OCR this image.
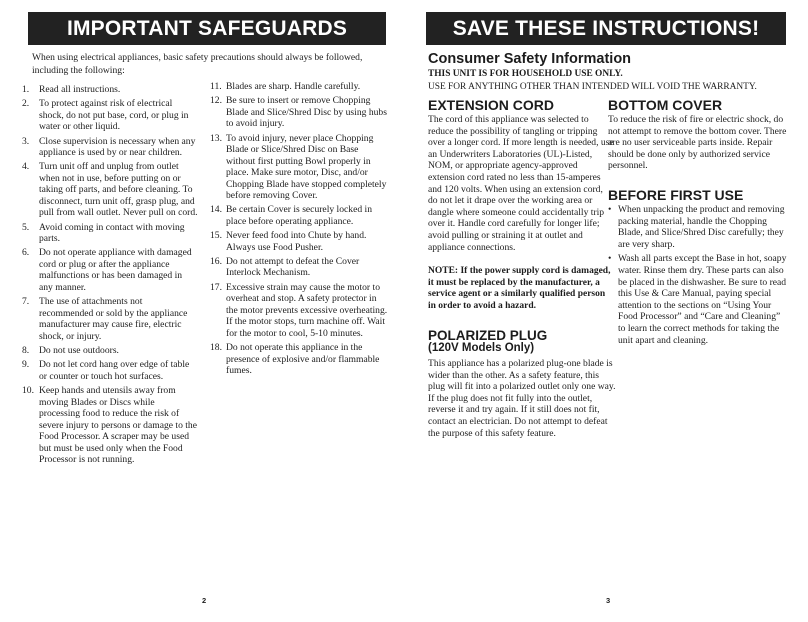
IMPORTANT SAFEGUARDS
When using electrical appliances, basic safety precautions should always be followed, including the following:
1. Read all instructions.
2. To protect against risk of electrical shock, do not put base, cord, or plug in water or other liquid.
3. Close supervision is necessary when any appliance is used by or near children.
4. Turn unit off and unplug from outlet when not in use, before putting on or taking off parts, and before cleaning. To disconnect, turn unit off, grasp plug, and pull from wall outlet. Never pull on cord.
5. Avoid coming in contact with moving parts.
6. Do not operate appliance with damaged cord or plug or after the appliance malfunctions or has been damaged in any manner.
7. The use of attachments not recommended or sold by the appliance manufacturer may cause fire, electric shock, or injury.
8. Do not use outdoors.
9. Do not let cord hang over edge of table or counter or touch hot surfaces.
10. Keep hands and utensils away from moving Blades or Discs while processing food to reduce the risk of severe injury to persons or damage to the Food Processor. A scraper may be used but must be used only when the Food Processor is not running.
11. Blades are sharp. Handle carefully.
12. Be sure to insert or remove Chopping Blade and Slice/Shred Disc by using hubs to avoid injury.
13. To avoid injury, never place Chopping Blade or Slice/Shred Disc on Base without first putting Bowl properly in place. Make sure motor, Disc, and/or Chopping Blade have stopped completely before removing Cover.
14. Be certain Cover is securely locked in place before operating appliance.
15. Never feed food into Chute by hand. Always use Food Pusher.
16. Do not attempt to defeat the Cover Interlock Mechanism.
17. Excessive strain may cause the motor to overheat and stop. A safety protector in the motor prevents excessive overheating. If the motor stops, turn machine off. Wait for the motor to cool, 5-10 minutes.
18. Do not operate this appliance in the presence of explosive and/or flammable fumes.
2
SAVE THESE INSTRUCTIONS!
Consumer Safety Information
THIS UNIT IS FOR HOUSEHOLD USE ONLY.
USE FOR ANYTHING OTHER THAN INTENDED WILL VOID THE WARRANTY.
EXTENSION CORD
The cord of this appliance was selected to reduce the possibility of tangling or tripping over a longer cord. If more length is needed, use an Underwriters Laboratories (UL)-Listed, NOM, or appropriate agency-approved extension cord rated no less than 15-amperes and 120 volts. When using an extension cord, do not let it drape over the working area or dangle where someone could accidentally trip over it. Handle cord carefully for longer life; avoid pulling or straining it at outlet and appliance connections.
NOTE: If the power supply cord is damaged, it must be replaced by the manufacturer, a service agent or a similarly qualified person in order to avoid a hazard.
POLARIZED PLUG
(120V Models Only)
This appliance has a polarized plug-one blade is wider than the other. As a safety feature, this plug will fit into a polarized outlet only one way. If the plug does not fit fully into the outlet, reverse it and try again. If it still does not fit, contact an electrician. Do not attempt to defeat the purpose of this safety feature.
BOTTOM COVER
To reduce the risk of fire or electric shock, do not attempt to remove the bottom cover. There are no user serviceable parts inside. Repair should be done only by authorized service personnel.
BEFORE FIRST USE
• When unpacking the product and removing packing material, handle the Chopping Blade, and Slice/Shred Disc carefully; they are very sharp.
• Wash all parts except the Base in hot, soapy water. Rinse them dry. These parts can also be placed in the dishwasher. Be sure to read this Use & Care Manual, paying special attention to the sections on “Using Your Food Processor” and “Care and Cleaning” to learn the correct methods for taking the unit apart and cleaning.
3
